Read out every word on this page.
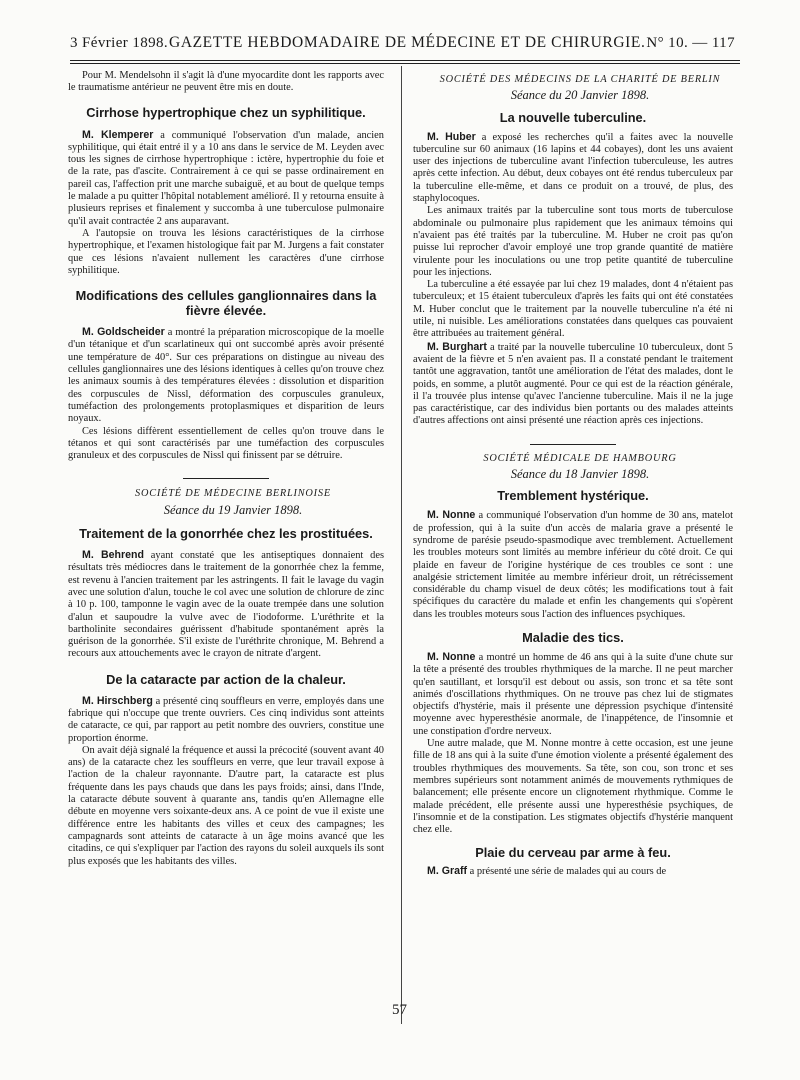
3 Février 1898. GAZETTE HEBDOMADAIRE DE MÉDECINE ET DE CHIRURGIE. N° 10. — 117

Pour M. Mendelsohn il s'agit là d'une myocardite dont les rapports avec le traumatisme antérieur ne peuvent être mis en doute.

Cirrhose hypertrophique chez un syphilitique.

M. Klemperer a communiqué l'observation d'un malade, ancien syphilitique, qui était entré il y a 10 ans dans le service de M. Leyden avec tous les signes de cirrhose hypertrophique : ictère, hypertrophie du foie et de la rate, pas d'ascite. Contrairement à ce qui se passe ordinairement en pareil cas, l'affection prit une marche subaiguë, et au bout de quelque temps le malade a pu quitter l'hôpital notablement amélioré. Il y retourna ensuite à plusieurs reprises et finalement y succomba à une tuberculose pulmonaire qu'il avait contractée 2 ans auparavant.

A l'autopsie on trouva les lésions caractéristiques de la cirrhose hypertrophique, et l'examen histologique fait par M. Jurgens a fait constater que ces lésions n'avaient nullement les caractères d'une cirrhose syphilitique.

Modifications des cellules ganglionnaires dans la fièvre élevée.

M. Goldscheider a montré la préparation microscopique de la moelle d'un tétanique et d'un scarlatineux qui ont succombé après avoir présenté une température de 40°. Sur ces préparations on distingue au niveau des cellules ganglionnaires une des lésions identiques à celles qu'on trouve chez les animaux soumis à des températures élevées : dissolution et disparition des corpuscules de Nissl, déformation des corpuscules granuleux, tuméfaction des prolongements protoplasmiques et disparition de leurs noyaux.

Ces lésions diffèrent essentiellement de celles qu'on trouve dans le tétanos et qui sont caractérisés par une tuméfaction des corpuscules granuleux et des corpuscules de Nissl qui finissent par se détruire.

SOCIÉTÉ DE MÉDECINE BERLINOISE

Séance du 19 Janvier 1898.

Traitement de la gonorrhée chez les prostituées.

M. Behrend ayant constaté que les antiseptiques donnaient des résultats très médiocres dans le traitement de la gonorrhée chez la femme, est revenu à l'ancien traitement par les astringents. Il fait le lavage du vagin avec une solution d'alun, touche le col avec une solution de chlorure de zinc à 10 p. 100, tamponne le vagin avec de la ouate trempée dans une solution d'alun et saupoudre la vulve avec de l'iodoforme. L'uréthrite et la bartholinite secondaires guérissent d'habitude spontanément après la guérison de la gonorrhée. S'il existe de l'uréthrite chronique, M. Behrend a recours aux attouchements avec le crayon de nitrate d'argent.

De la cataracte par action de la chaleur.

M. Hirschberg a présenté cinq souffleurs en verre, employés dans une fabrique qui n'occupe que trente ouvriers. Ces cinq individus sont atteints de cataracte, ce qui, par rapport au petit nombre des ouvriers, constitue une proportion énorme.

On avait déjà signalé la fréquence et aussi la précocité (souvent avant 40 ans) de la cataracte chez les souffleurs en verre, que leur travail expose à l'action de la chaleur rayonnante. D'autre part, la cataracte est plus fréquente dans les pays chauds que dans les pays froids; ainsi, dans l'Inde, la cataracte débute souvent à quarante ans, tandis qu'en Allemagne elle débute en moyenne vers soixante-deux ans. A ce point de vue il existe une différence entre les habitants des villes et ceux des campagnes; les campagnards sont atteints de cataracte à un âge moins avancé que les citadins, ce qui s'expliquer par l'action des rayons du soleil auxquels ils sont plus exposés que les habitants des villes.

SOCIÉTÉ DES MÉDECINS DE LA CHARITÉ DE BERLIN

Séance du 20 Janvier 1898.

La nouvelle tuberculine.

M. Huber a exposé les recherches qu'il a faites avec la nouvelle tuberculine sur 60 animaux (16 lapins et 44 cobayes), dont les uns avaient user des injections de tuberculine avant l'infection tuberculeuse, les autres après cette infection. Au début, deux cobayes ont été rendus tuberculeux par la tuberculine elle-même, et dans ce produit on a trouvé, de plus, des staphylocoques.

Les animaux traités par la tuberculine sont tous morts de tuberculose abdominale ou pulmonaire plus rapidement que les animaux témoins qui n'avaient pas été traités par la tuberculine. M. Huber ne croit pas qu'on puisse lui reprocher d'avoir employé une trop grande quantité de matière virulente pour les inoculations ou une trop petite quantité de tuberculine pour les injections.

La tuberculine a été essayée par lui chez 19 malades, dont 4 n'étaient pas tuberculeux; et 15 étaient tuberculeux d'après les faits qui ont été constatées M. Huber conclut que le traitement par la nouvelle tuberculine n'a été ni utile, ni nuisible. Les améliorations constatées dans quelques cas pouvaient être attribuées au traitement général.

M. Burghart a traité par la nouvelle tuberculine 10 tuberculeux, dont 5 avaient de la fièvre et 5 n'en avaient pas. Il a constaté pendant le traitement tantôt une aggravation, tantôt une amélioration de l'état des malades, dont le poids, en somme, a plutôt augmenté. Pour ce qui est de la réaction générale, il l'a trouvée plus intense qu'avec l'ancienne tuberculine. Mais il ne la juge pas caractéristique, car des individus bien portants ou des malades atteints d'autres affections ont ainsi présenté une réaction après ces injections.

SOCIÉTÉ MÉDICALE DE HAMBOURG

Séance du 18 Janvier 1898.

Tremblement hystérique.

M. Nonne a communiqué l'observation d'un homme de 30 ans, matelot de profession, qui à la suite d'un accès de malaria grave a présenté le syndrome de parésie pseudo-spasmodique avec tremblement. Actuellement les troubles moteurs sont limités au membre inférieur du côté droit. Ce qui plaide en faveur de l'origine hystérique de ces troubles ce sont : une analgésie strictement limitée au membre inférieur droit, un rétrécissement considérable du champ visuel de deux côtés; les modifications tout à fait spécifiques du caractère du malade et enfin les changements qui s'opèrent dans les troubles moteurs sous l'action des influences psychiques.

Maladie des tics.

M. Nonne a montré un homme de 46 ans qui à la suite d'une chute sur la tête a présenté des troubles rhythmiques de la marche. Il ne peut marcher qu'en sautillant, et lorsqu'il est debout ou assis, son tronc et sa tête sont animés d'oscillations rhythmiques. On ne trouve pas chez lui de stigmates objectifs d'hystérie, mais il présente une dépression psychique d'intensité moyenne avec hyperesthésie anormale, de l'inappétence, de l'insomnie et une constipation d'ordre nerveux.

Une autre malade, que M. Nonne montre à cette occasion, est une jeune fille de 18 ans qui à la suite d'une émotion violente a présenté également des troubles rhythmiques des mouvements. Sa tête, son cou, son tronc et ses membres supérieurs sont notamment animés de mouvements rythmiques de balancement; elle présente encore un clignotement rhythmique. Comme le malade précédent, elle présente aussi une hyperesthésie psychiques, de l'insomnie et de la constipation. Les stigmates objectifs d'hystérie manquent chez elle.

Plaie du cerveau par arme à feu.

M. Graff a présenté une série de malades qui au cours de

57
